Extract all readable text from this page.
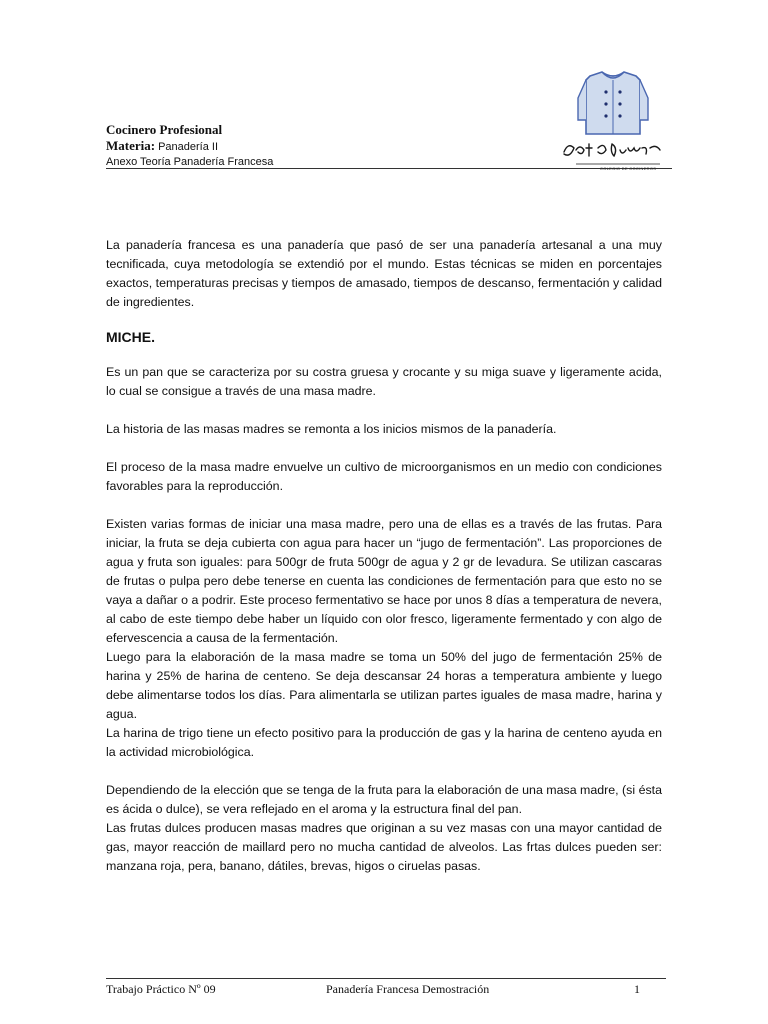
Cocinero Profesional
Materia: Panadería II
Anexo Teoría Panadería Francesa
COLEGIO DE COCINEROS

La panadería francesa es una panadería que pasó de ser una panadería artesanal a una muy tecnificada, cuya metodología se extendió por el mundo. Estas técnicas se miden en porcentajes exactos, temperaturas precisas y tiempos de amasado, tiempos de descanso, fermentación y calidad de ingredientes.

MICHE.

Es un pan que se caracteriza por su costra gruesa y crocante y su miga suave y ligeramente acida, lo cual se consigue a través de una masa madre.

La historia de las masas madres se remonta a los inicios mismos de la panadería.

El proceso de la masa madre envuelve un cultivo de microorganismos en un medio con condiciones favorables para la reproducción.

Existen varias formas de iniciar una masa madre, pero una de ellas es a través de las frutas. Para iniciar, la fruta se deja cubierta con agua para hacer un “jugo de fermentación”. Las proporciones de agua y fruta son iguales: para 500gr de fruta 500gr de agua y 2 gr de levadura. Se utilizan cascaras de frutas o pulpa pero debe tenerse en cuenta las condiciones de fermentación para que esto no se vaya a dañar o a podrir. Este proceso fermentativo se hace por unos 8 días a temperatura de nevera, al cabo de este tiempo debe haber un líquido con olor fresco, ligeramente fermentado y con algo de efervescencia a causa de la fermentación.

Luego para la elaboración de la masa madre se toma un 50% del jugo de fermentación 25% de harina y 25% de harina de centeno. Se deja descansar 24 horas a temperatura ambiente y luego debe alimentarse todos los días. Para alimentarla se utilizan partes iguales de masa madre, harina y agua.

La harina de trigo tiene un efecto positivo para la producción de gas y la harina de centeno ayuda en la actividad microbiológica.

Dependiendo de la elección que se tenga de la fruta para la elaboración de una masa madre, (si ésta es ácida o dulce), se vera reflejado en el aroma y la estructura final del pan.

Las frutas dulces producen masas madres que originan a su vez masas con una mayor cantidad de gas, mayor reacción de maillard pero no mucha cantidad de alveolos. Las frtas dulces pueden ser: manzana roja, pera, banano, dátiles, brevas, higos o ciruelas pasas.

Trabajo Práctico Nº 09	Panadería Francesa Demostración	1
